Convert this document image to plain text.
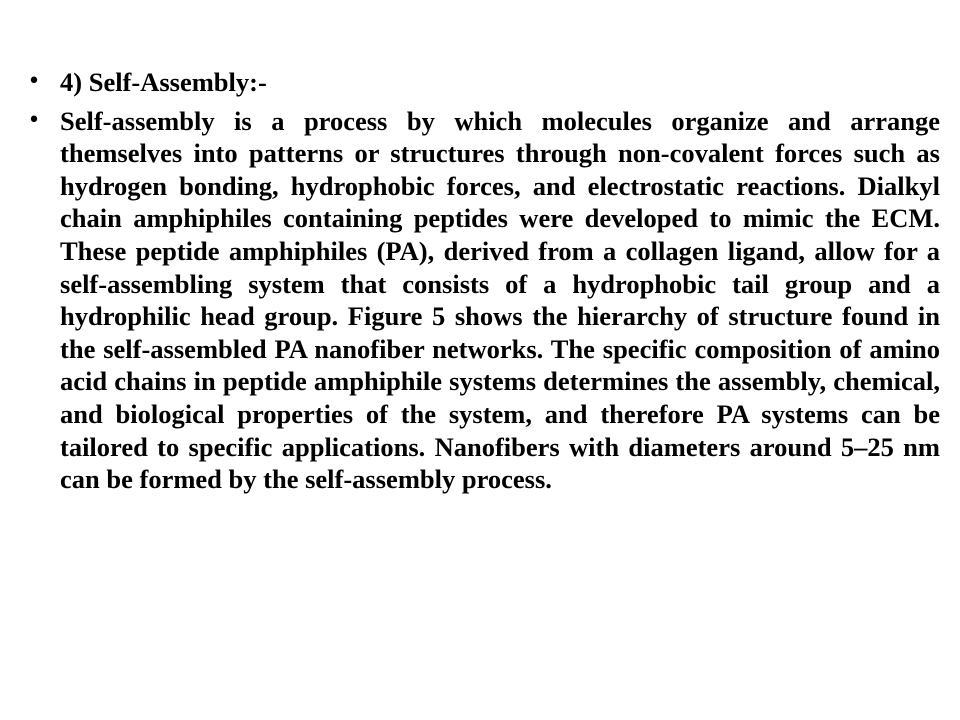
• 4) Self-Assembly:-
• Self-assembly is a process by which molecules organize and arrange themselves into patterns or structures through non-covalent forces such as hydrogen bonding, hydrophobic forces, and electrostatic reactions. Dialkyl chain amphiphiles containing peptides were developed to mimic the ECM. These peptide amphiphiles (PA), derived from a collagen ligand, allow for a self-assembling system that consists of a hydrophobic tail group and a hydrophilic head group. Figure 5 shows the hierarchy of structure found in the self-assembled PA nanofiber networks. The specific composition of amino acid chains in peptide amphiphile systems determines the assembly, chemical, and biological properties of the system, and therefore PA systems can be tailored to specific applications. Nanofibers with diameters around 5–25 nm can be formed by the self-assembly process.
